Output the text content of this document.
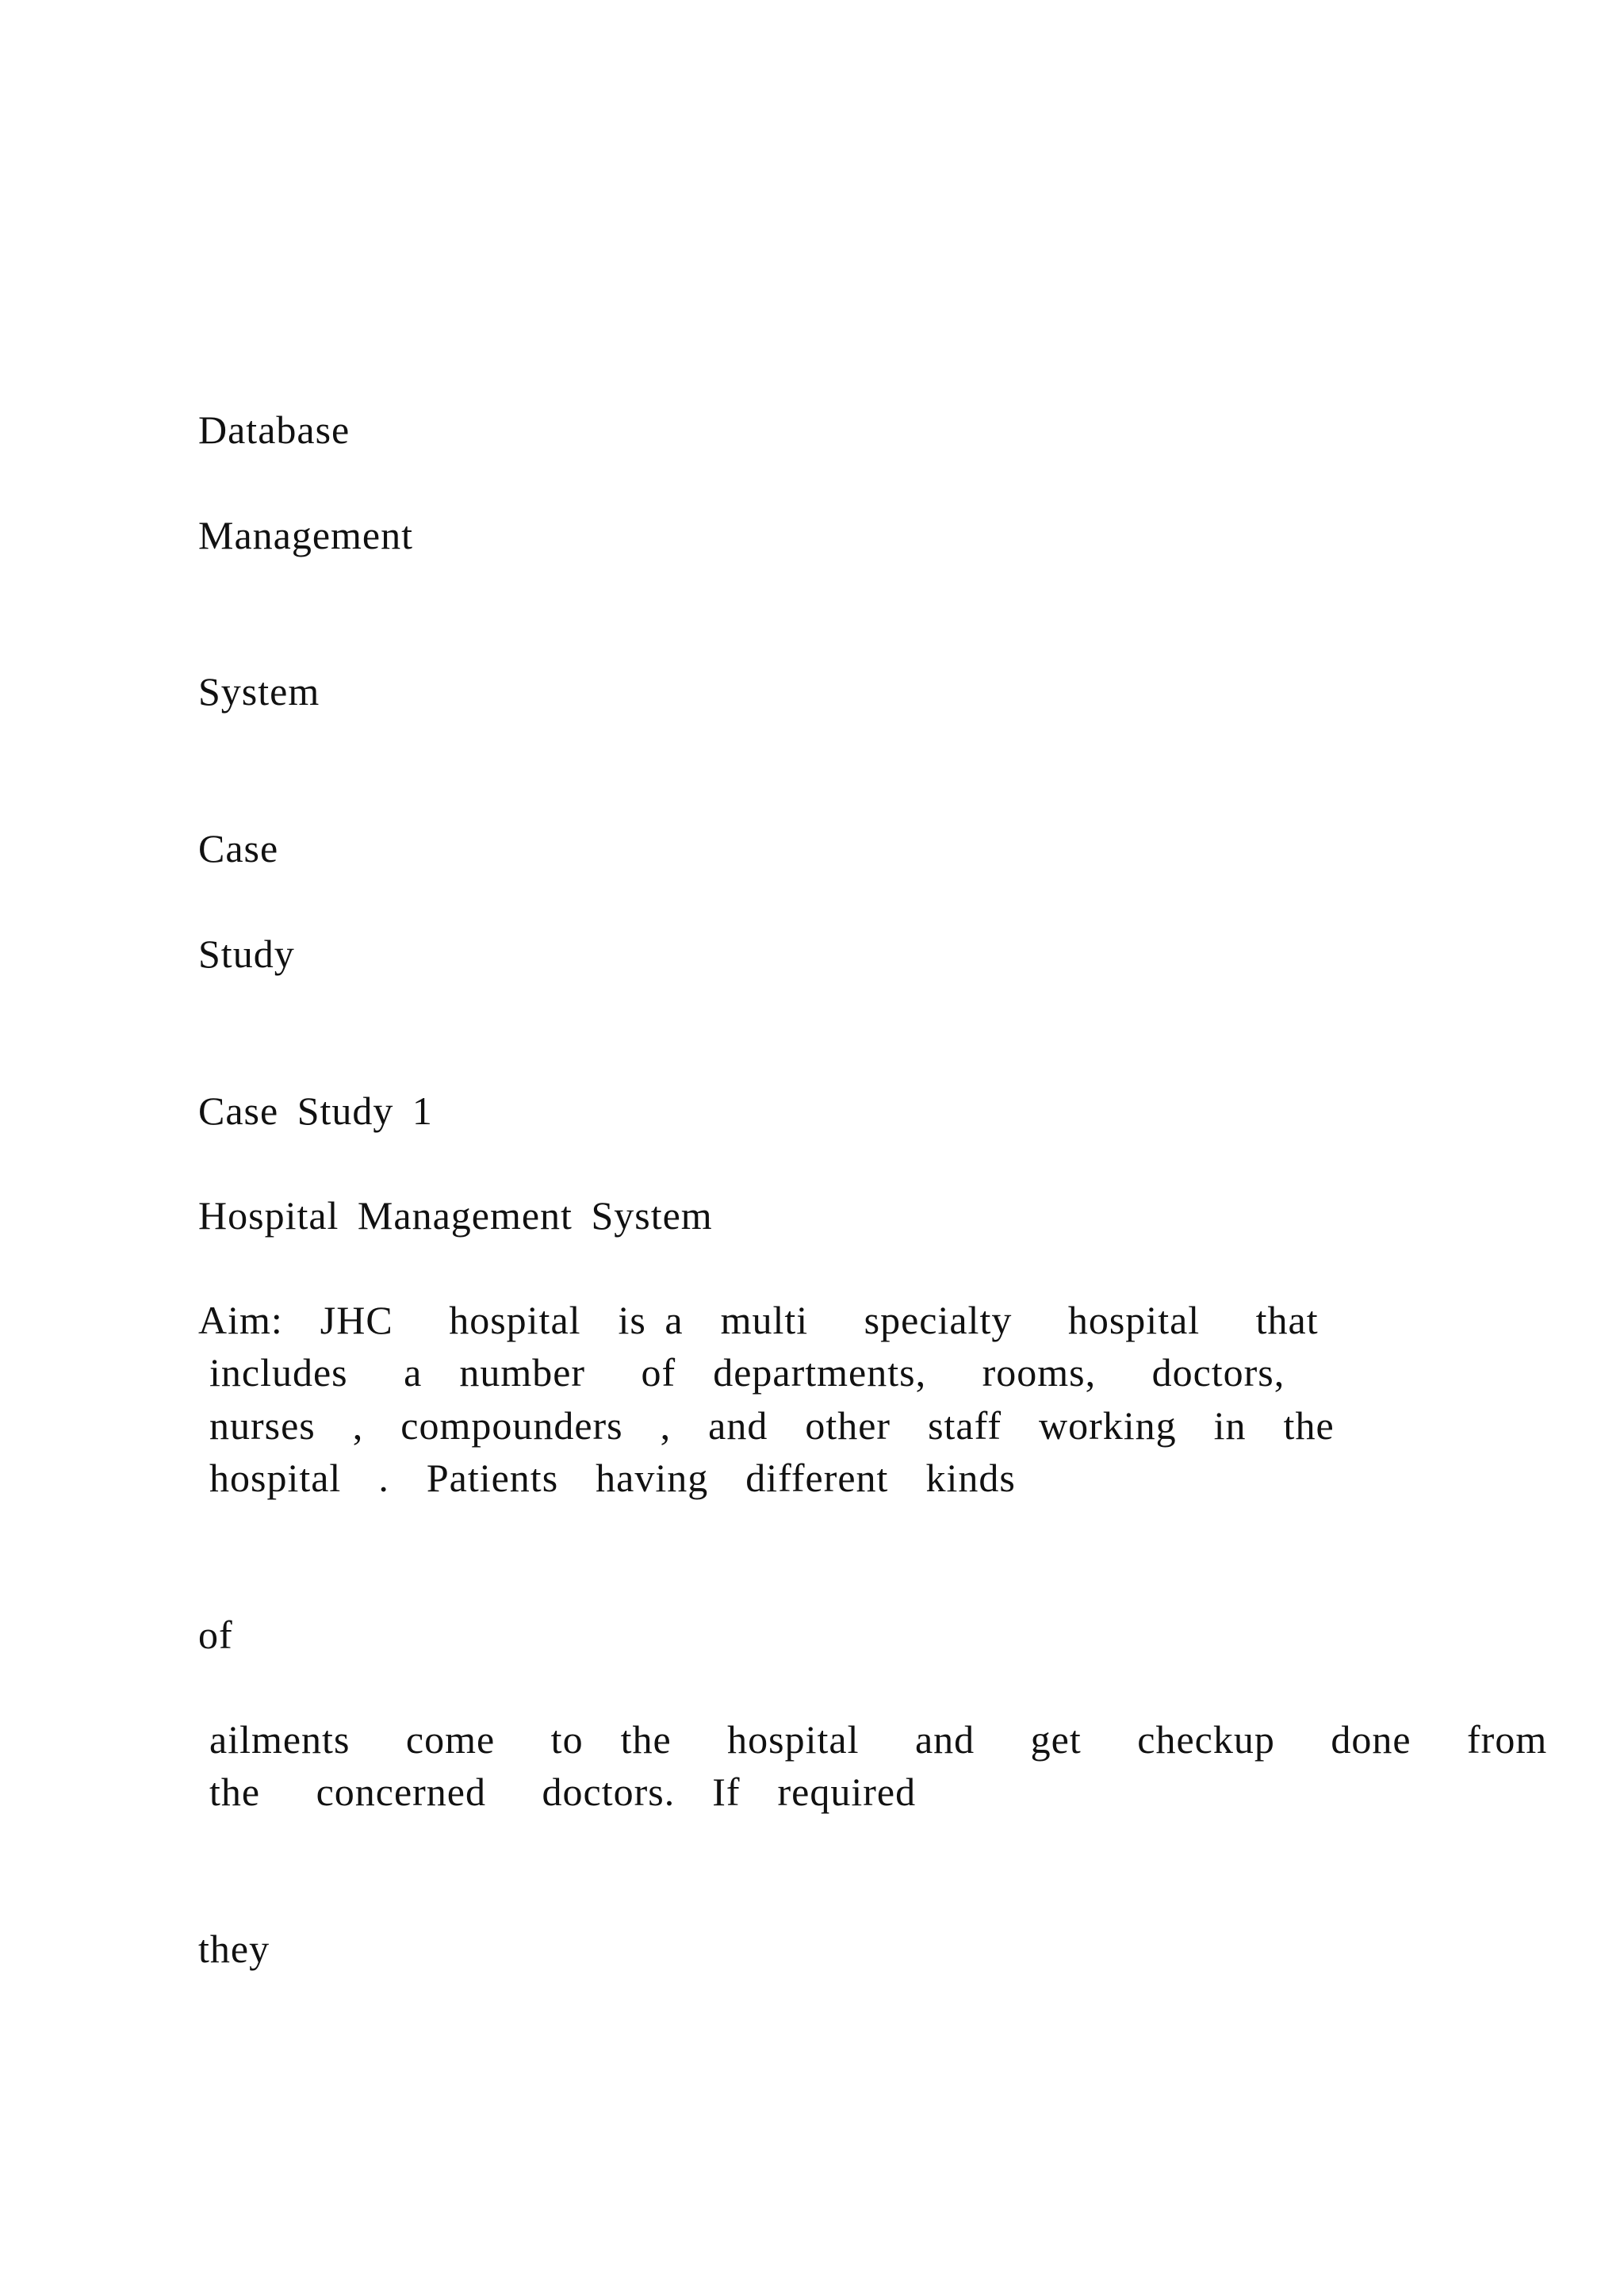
Database
Management
System
Case
Study
Case Study 1
Hospital Management System
Aim:  JHC   hospital  is a  multi   specialty   hospital   that
includes   a  number   of  departments,   rooms,   doctors,
nurses  ,  compounders  ,  and  other  staff  working  in  the
hospital  .  Patients  having  different  kinds
of
ailments   come   to  the   hospital   and   get   checkup   done   from
the   concerned   doctors.  If  required
they
